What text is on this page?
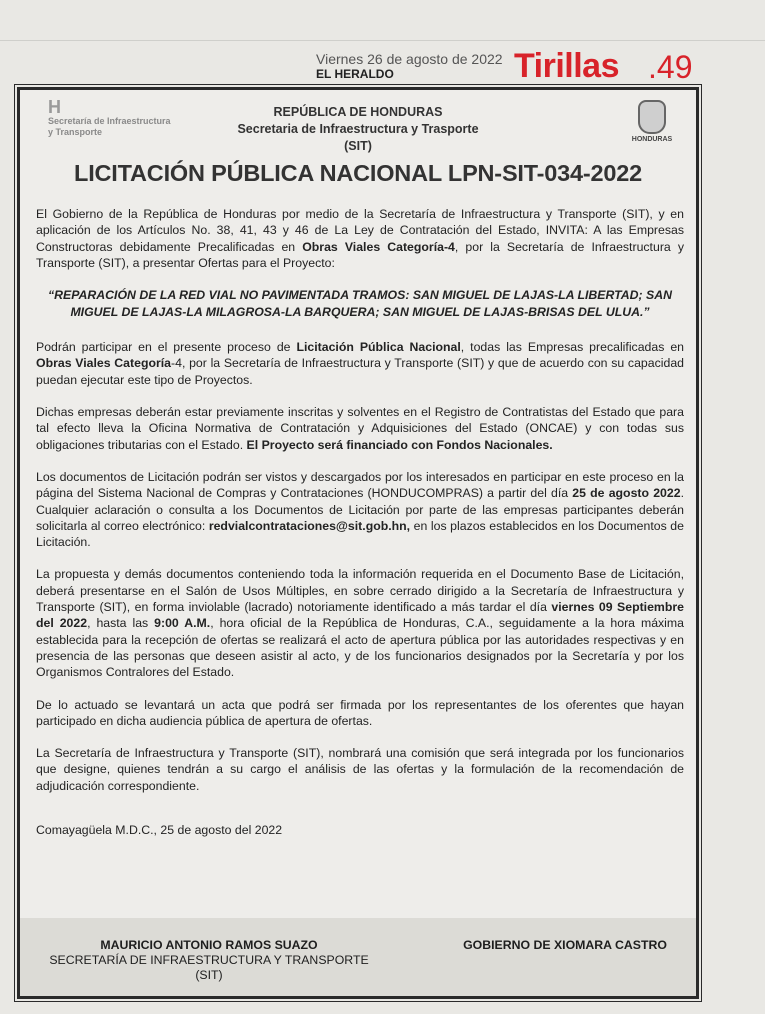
Viernes 26 de agosto de 2022
EL HERALDO	Tirillas .49
H
Secretaría de Infraestructura
y Transporte
REPÚBLICA DE HONDURAS
Secretaria de Infraestructura y Trasporte
(SIT)	HONDURAS
LICITACIÓN PÚBLICA NACIONAL LPN-SIT-034-2022

El Gobierno de la República de Honduras por medio de la Secretaría de Infraestructura y Transporte (SIT), y en aplicación de los Artículos No. 38, 41, 43 y 46 de La Ley de Contratación del Estado, INVITA: A las Empresas Constructoras debidamente Precalificadas en Obras Viales Categoría-4, por la Secretaría de Infraestructura y Transporte (SIT), a presentar Ofertas para el Proyecto:

“REPARACIÓN DE LA RED VIAL NO PAVIMENTADA TRAMOS: SAN MIGUEL DE LAJAS-LA LIBERTAD; SAN MIGUEL DE LAJAS-LA MILAGROSA-LA BARQUERA; SAN MIGUEL DE LAJAS-BRISAS DEL ULUA.”

Podrán participar en el presente proceso de Licitación Pública Nacional, todas las Empresas precalificadas en Obras Viales Categoría-4, por la Secretaría de Infraestructura y Transporte (SIT) y que de acuerdo con su capacidad puedan ejecutar este tipo de Proyectos.

Dichas empresas deberán estar previamente inscritas y solventes en el Registro de Contratistas del Estado que para tal efecto lleva la Oficina Normativa de Contratación y Adquisiciones del Estado (ONCAE) y con todas sus obligaciones tributarias con el Estado. El Proyecto será financiado con Fondos Nacionales.

Los documentos de Licitación podrán ser vistos y descargados por los interesados en participar en este proceso en la página del Sistema Nacional de Compras y Contrataciones (HONDUCOMPRAS) a partir del día 25 de agosto 2022. Cualquier aclaración o consulta a los Documentos de Licitación por parte de las empresas participantes deberán solicitarla al correo electrónico: redvialcontrataciones@sit.gob.hn, en los plazos establecidos en los Documentos de Licitación.

La propuesta y demás documentos conteniendo toda la información requerida en el Documento Base de Licitación, deberá presentarse en el Salón de Usos Múltiples, en sobre cerrado dirigido a la Secretaría de Infraestructura y Transporte (SIT), en forma inviolable (lacrado) notoriamente identificado a más tardar el día viernes 09 Septiembre del 2022, hasta las 9:00 A.M., hora oficial de la República de Honduras, C.A., seguidamente a la hora máxima establecida para la recepción de ofertas se realizará el acto de apertura pública por las autoridades respectivas y en presencia de las personas que deseen asistir al acto, y de los funcionarios designados por la Secretaría y por los Organismos Contralores del Estado.

De lo actuado se levantará un acta que podrá ser firmada por los representantes de los oferentes que hayan participado en dicha audiencia pública de apertura de ofertas.

La Secretaría de Infraestructura y Transporte (SIT), nombrará una comisión que será integrada por los funcionarios que designe, quienes tendrán a su cargo el análisis de las ofertas y la formulación de la recomendación de adjudicación correspondiente.

Comayagüela M.D.C., 25 de agosto del 2022

MAURICIO ANTONIO RAMOS SUAZO
SECRETARÍA DE INFRAESTRUCTURA Y TRANSPORTE
(SIT)
GOBIERNO DE XIOMARA CASTRO
